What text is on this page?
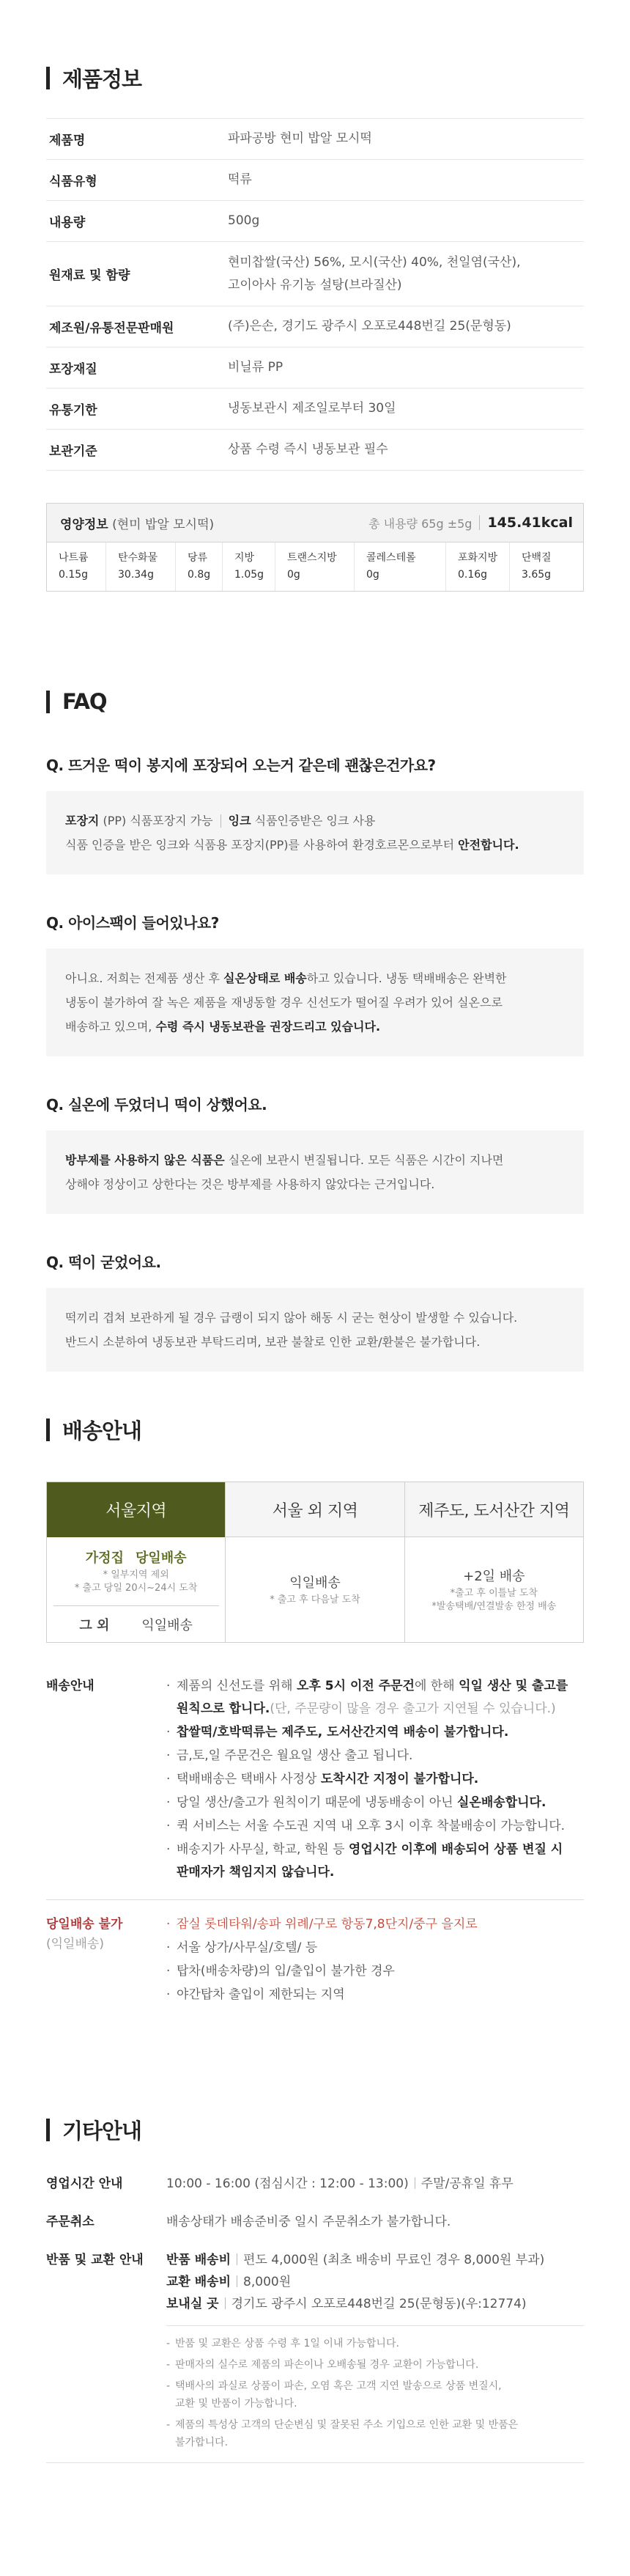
제품정보
제품명	파파공방 현미 밥알 모시떡
식품유형	떡류
내용량	500g
원재료 및 함량
현미찹쌀(국산) 56%, 모시(국산) 40%, 천일염(국산),
고이아사 유기농 설탕(브라질산)
제조원/유통전문판매원	(주)은손, 경기도 광주시 오포로448번길 25(문형동)
포장재질	비닐류 PP
유통기한	냉동보관시 제조일로부터 30일
보관기준	상품 수령 즉시 냉동보관 필수
영양정보 (현미 밥알 모시떡)	총 내용량 65g ±5g 145.41kcal
나트륨
0.15g
탄수화물
30.34g
당류
0.8g
지방
1.05g
트랜스지방
0g
콜레스테롤
0g
포화지방
0.16g
단백질
3.65g
FAQ
Q. 뜨거운 떡이 봉지에 포장되어 오는거 같은데 괜찮은건가요?
포장지
(PP) 식품포장지 가능 잉크
식품인증받은 잉크 사용
식품 인증을 받은 잉크와 식품용 포장지(PP)를 사용하여 환경호르몬으로부터 안전합니다.
Q. 아이스팩이 들어있나요?
아니요. 저희는 전제품 생산 후 실온상태로 배송하고 있습니다. 냉동 택배배송은 완벽한
냉동이 불가하여 잘 녹은 제품을 재냉동할 경우 신선도가 떨어질 우려가 있어 실온으로
배송하고 있으며, 수령 즉시 냉동보관을 권장드리고 있습니다.
Q. 실온에 두었더니 떡이 상했어요.
방부제를 사용하지 않은 식품은 실온에 보관시 변질됩니다. 모든 식품은 시간이 지나면
상해야 정상이고 상한다는 것은 방부제를 사용하지 않았다는 근거입니다.
Q. 떡이 굳었어요.
떡끼리 겹쳐 보관하게 될 경우 급랭이 되지 않아 해동 시 굳는 현상이 발생할 수 있습니다.
반드시 소분하여 냉동보관 부탁드리며, 보관 불찰로 인한 교환/환불은 불가합니다.
배송안내
서울지역
가정집 당일배송
* 일부지역 제외
* 출고 당일 20시~24시 도착
그 외 익일배송
서울 외 지역
익일배송
* 출고 후 다음날 도착
제주도, 도서산간 지역
+2일 배송
*출고 후 이틀날 도착
*발송택배/연결발송 한정 배송
배송안내
·	제품의 신선도를 위해 오후 5시 이전 주문건에 한해 익일 생산 및 출고를
원칙으로 합니다.(단, 주문량이 많을 경우 출고가 지연될 수 있습니다.)
· 찹쌀떡/호박떡류는 제주도, 도서산간지역 배송이 불가합니다.
· 금,토,일 주문건은 월요일 생산 출고 됩니다.
· 택배배송은 택배사 사정상 도착시간 지정이 불가합니다.
· 당일 생산/출고가 원칙이기 때문에 냉동배송이 아닌 실온배송합니다.
· 퀵 서비스는 서울 수도권 지역 내 오후 3시 이후 착불배송이 가능합니다.
· 배송지가 사무실, 학교, 학원 등 영업시간 이후에 배송되어 상품 변질 시
판매자가 책임지지 않습니다.
당일배송 불가
(익일배송)
· 잠실 롯데타워/송파 위례/구로 항동7,8단지/중구 을지로
· 서울 상가/사무실/호텔/ 등
· 탑차(배송차량)의 입/출입이 불가한 경우
· 야간탑차 출입이 제한되는 지역
기타안내
영업시간 안내	10:00 - 16:00 (점심시간 : 12:00 - 13:00) 주말/공휴일 휴무
주문취소	배송상태가 배송준비중 일시 주문취소가 불가합니다.
반품 및 교환 안내	반품 배송비 편도 4,000원 (최초 배송비 무료인 경우 8,000원 부과)
교환 배송비 8,000원
보내실 곳 경기도 광주시 오포로448번길 25(문형동)(우:12774)
- 반품 및 교환은 상품 수령 후 1일 이내 가능합니다.
- 판매자의 실수로 제품의 파손이나 오배송될 경우 교환이 가능합니다.
- 택배사의 과실로 상품이 파손, 오염 혹은 고객 지연 발송으로 상품 변질시,
교환 및 반품이 가능합니다.
- 제품의 특성상 고객의 단순변심 및 잘못된 주소 기입으로 인한 교환 및 반품은
불가합니다.
